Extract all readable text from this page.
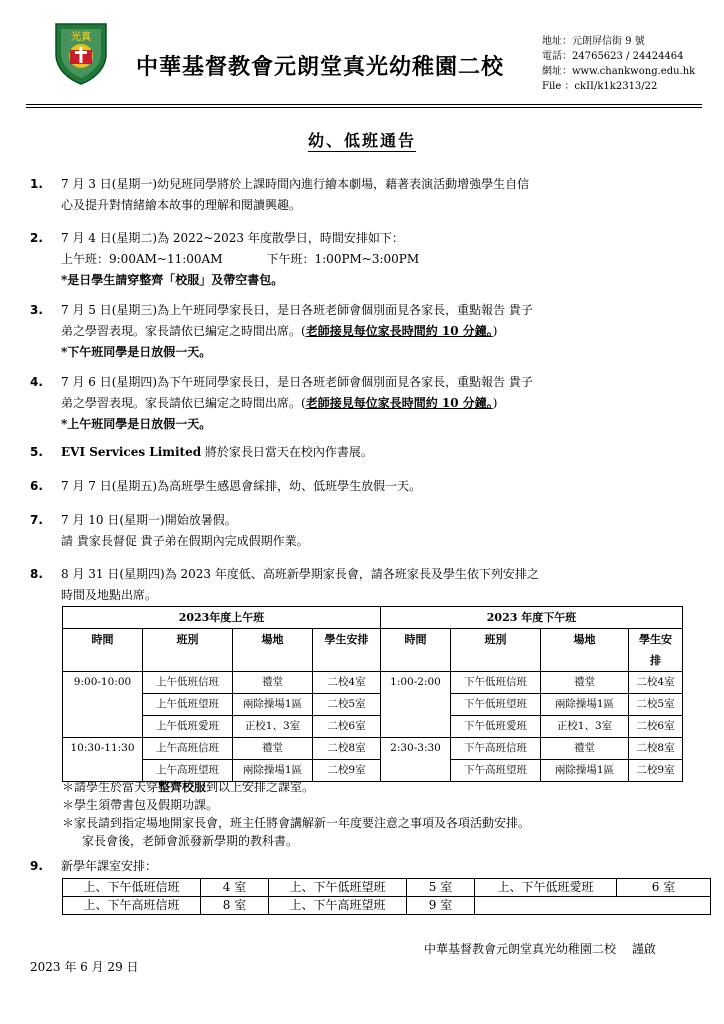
光真
中華基督教會元朗堂真光幼稚園二校
地址：元朗屏信街 9 號
電話：24765623 / 24424464
網址：www.chankwong.edu.hk
File ：ckII/k1k2313/22
幼、低班通告
1. 7 月 3 日(星期一)幼兒班同學將於上課時間內進行繪本劇場，藉著表演活動增強學生自信

心及提升對情緒繪本故事的理解和閱讀興趣。

2. 7 月 4 日(星期二)為 2022~2023 年度散學日，時間安排如下：

上午班：9:00AM~11:00AM	下午班：1:00PM~3:00PM

*是日學生請穿整齊「校服」及帶空書包。

3. 7 月 5 日(星期三)為上午班同學家長日，是日各班老師會個別面見各家長，重點報告 貴子

弟之學習表現。家長請依已編定之時間出席。(老師接見每位家長時間約 10 分鐘。)

*下午班同學是日放假一天。

4. 7 月 6 日(星期四)為下午班同學家長日，是日各班老師會個別面見各家長，重點報告 貴子

弟之學習表現。家長請依已編定之時間出席。(老師接見每位家長時間約 10 分鐘。)

*上午班同學是日放假一天。

5. EVI Services Limited 將於家長日當天在校內作書展。

6. 7 月 7 日(星期五)為高班學生感恩會綵排，幼、低班學生放假一天。

7. 7 月 10 日(星期一)開始放暑假。

請 貴家長督促 貴子弟在假期內完成假期作業。

8. 8 月 31 日(星期四)為 2023 年度低、高班新學期家長會，請各班家長及學生依下列安排之

時間及地點出席。

2023年度上午班				2023 年度下午班			
時間	班別	場地	學生安排	時間	班別	場地	學生安
排

9:00-10:00	上午低班信班	禮堂	二校4室	1:00-2:00	下午低班信班	禮堂	二校4室
	上午低班望班	兩除操場1區	二校5室		下午低班望班	兩除操場1區	二校5室
	上午低班愛班	正校1、3室	二校6室		下午低班愛班	正校1、3室	二校6室
10:30-11:30	上午高班信班	禮堂	二校8室	2:30-3:30	下午高班信班	禮堂	二校8室
	上午高班望班	兩除操場1區	二校9室		下午高班望班	兩除操場1區	二校9室
＊請學生於當天穿整齊校服到以上安排之課室。
＊學生須帶書包及假期功課。
＊家長請到指定場地開家長會，班主任將會講解新一年度要注意之事項及各項活動安排。
家長會後，老師會派發新學期的教科書。
9. 新學年課室安排：

上、下午低班信班	4 室	上、下午低班望班	5 室	上、下午低班愛班	6 室
上、下午高班信班	8 室	上、下午高班望班	9 室		
中華基督教會元朗堂真光幼稚園二校　 謹啟
2023 年 6 月 29 日
